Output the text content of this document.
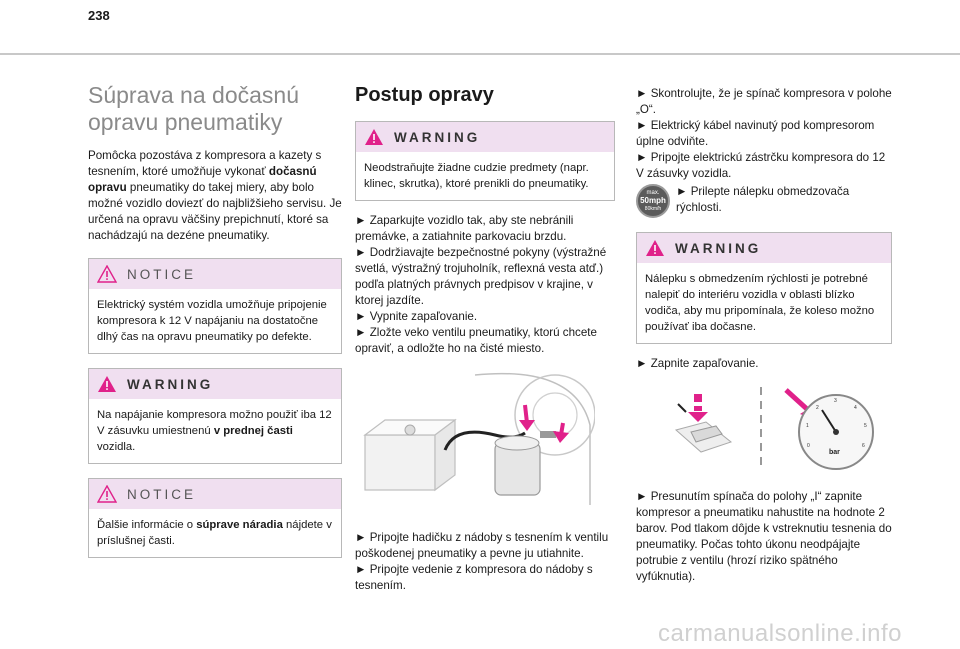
238
Súprava na dočasnú opravu pneumatiky

Pomôcka pozostáva z kompresora a kazety s tesnením, ktoré umožňuje vykonať dočasnú opravu pneumatiky do takej miery, aby bolo možné vozidlo doviezť do najbližšieho servisu. Je určená na opravu väčšiny prepichnutí, ktoré sa nachádzajú na dezéne pneumatiky.

NOTICE
Elektrický systém vozidla umožňuje pripojenie kompresora k 12 V napájaniu na dostatočne dlhý čas na opravu pneumatiky po defekte.
WARNING
Na napájanie kompresora možno použiť iba 12 V zásuvku umiestnenú v prednej časti vozidla.
NOTICE
Ďalšie informácie o súprave náradia nájdete v príslušnej časti.
Postup opravy
WARNING
Neodstraňujte žiadne cudzie predmety (napr. klinec, skrutka), ktoré prenikli do pneumatiky.
► Zaparkujte vozidlo tak, aby ste nebránili premávke, a zatiahnite parkovaciu brzdu.
► Dodržiavajte bezpečnostné pokyny (výstražné svetlá, výstražný trojuholník, reflexná vesta atď.) podľa platných právnych predpisov v krajine, v ktorej jazdíte.
► Vypnite zapaľovanie.
► Zložte veko ventilu pneumatiky, ktorú chcete opraviť, a odložte ho na čisté miesto.
► Pripojte hadičku z nádoby s tesnením k ventilu poškodenej pneumatiky a pevne ju utiahnite.
► Pripojte vedenie z kompresora do nádoby s tesnením.
► Skontrolujte, že je spínač kompresora v polohe „O“.
► Elektrický kábel navinutý pod kompresorom úplne odviňte.
► Pripojte elektrickú zástrčku kompresora do 12 V zásuvky vozidla.
max.
50mph
80km/h
► Prilepte nálepku obmedzovača rýchlosti.
WARNING
Nálepku s obmedzením rýchlosti je potrebné nalepiť do interiéru vozidla v oblasti blízko vodiča, aby mu pripomínala, že koleso možno používať iba dočasne.
► Zapnite zapaľovanie.
0
1
2
3
4
5
6
bar
► Presunutím spínača do polohy „I“ zapnite kompresor a pneumatiku nahustite na hodnote 2 barov. Pod tlakom dôjde k vstreknutiu tesnenia do pneumatiky. Počas tohto úkonu neodpájajte potrubie z ventilu (hrozí riziko spätného vyfúknutia).
carmanualsonline.info
